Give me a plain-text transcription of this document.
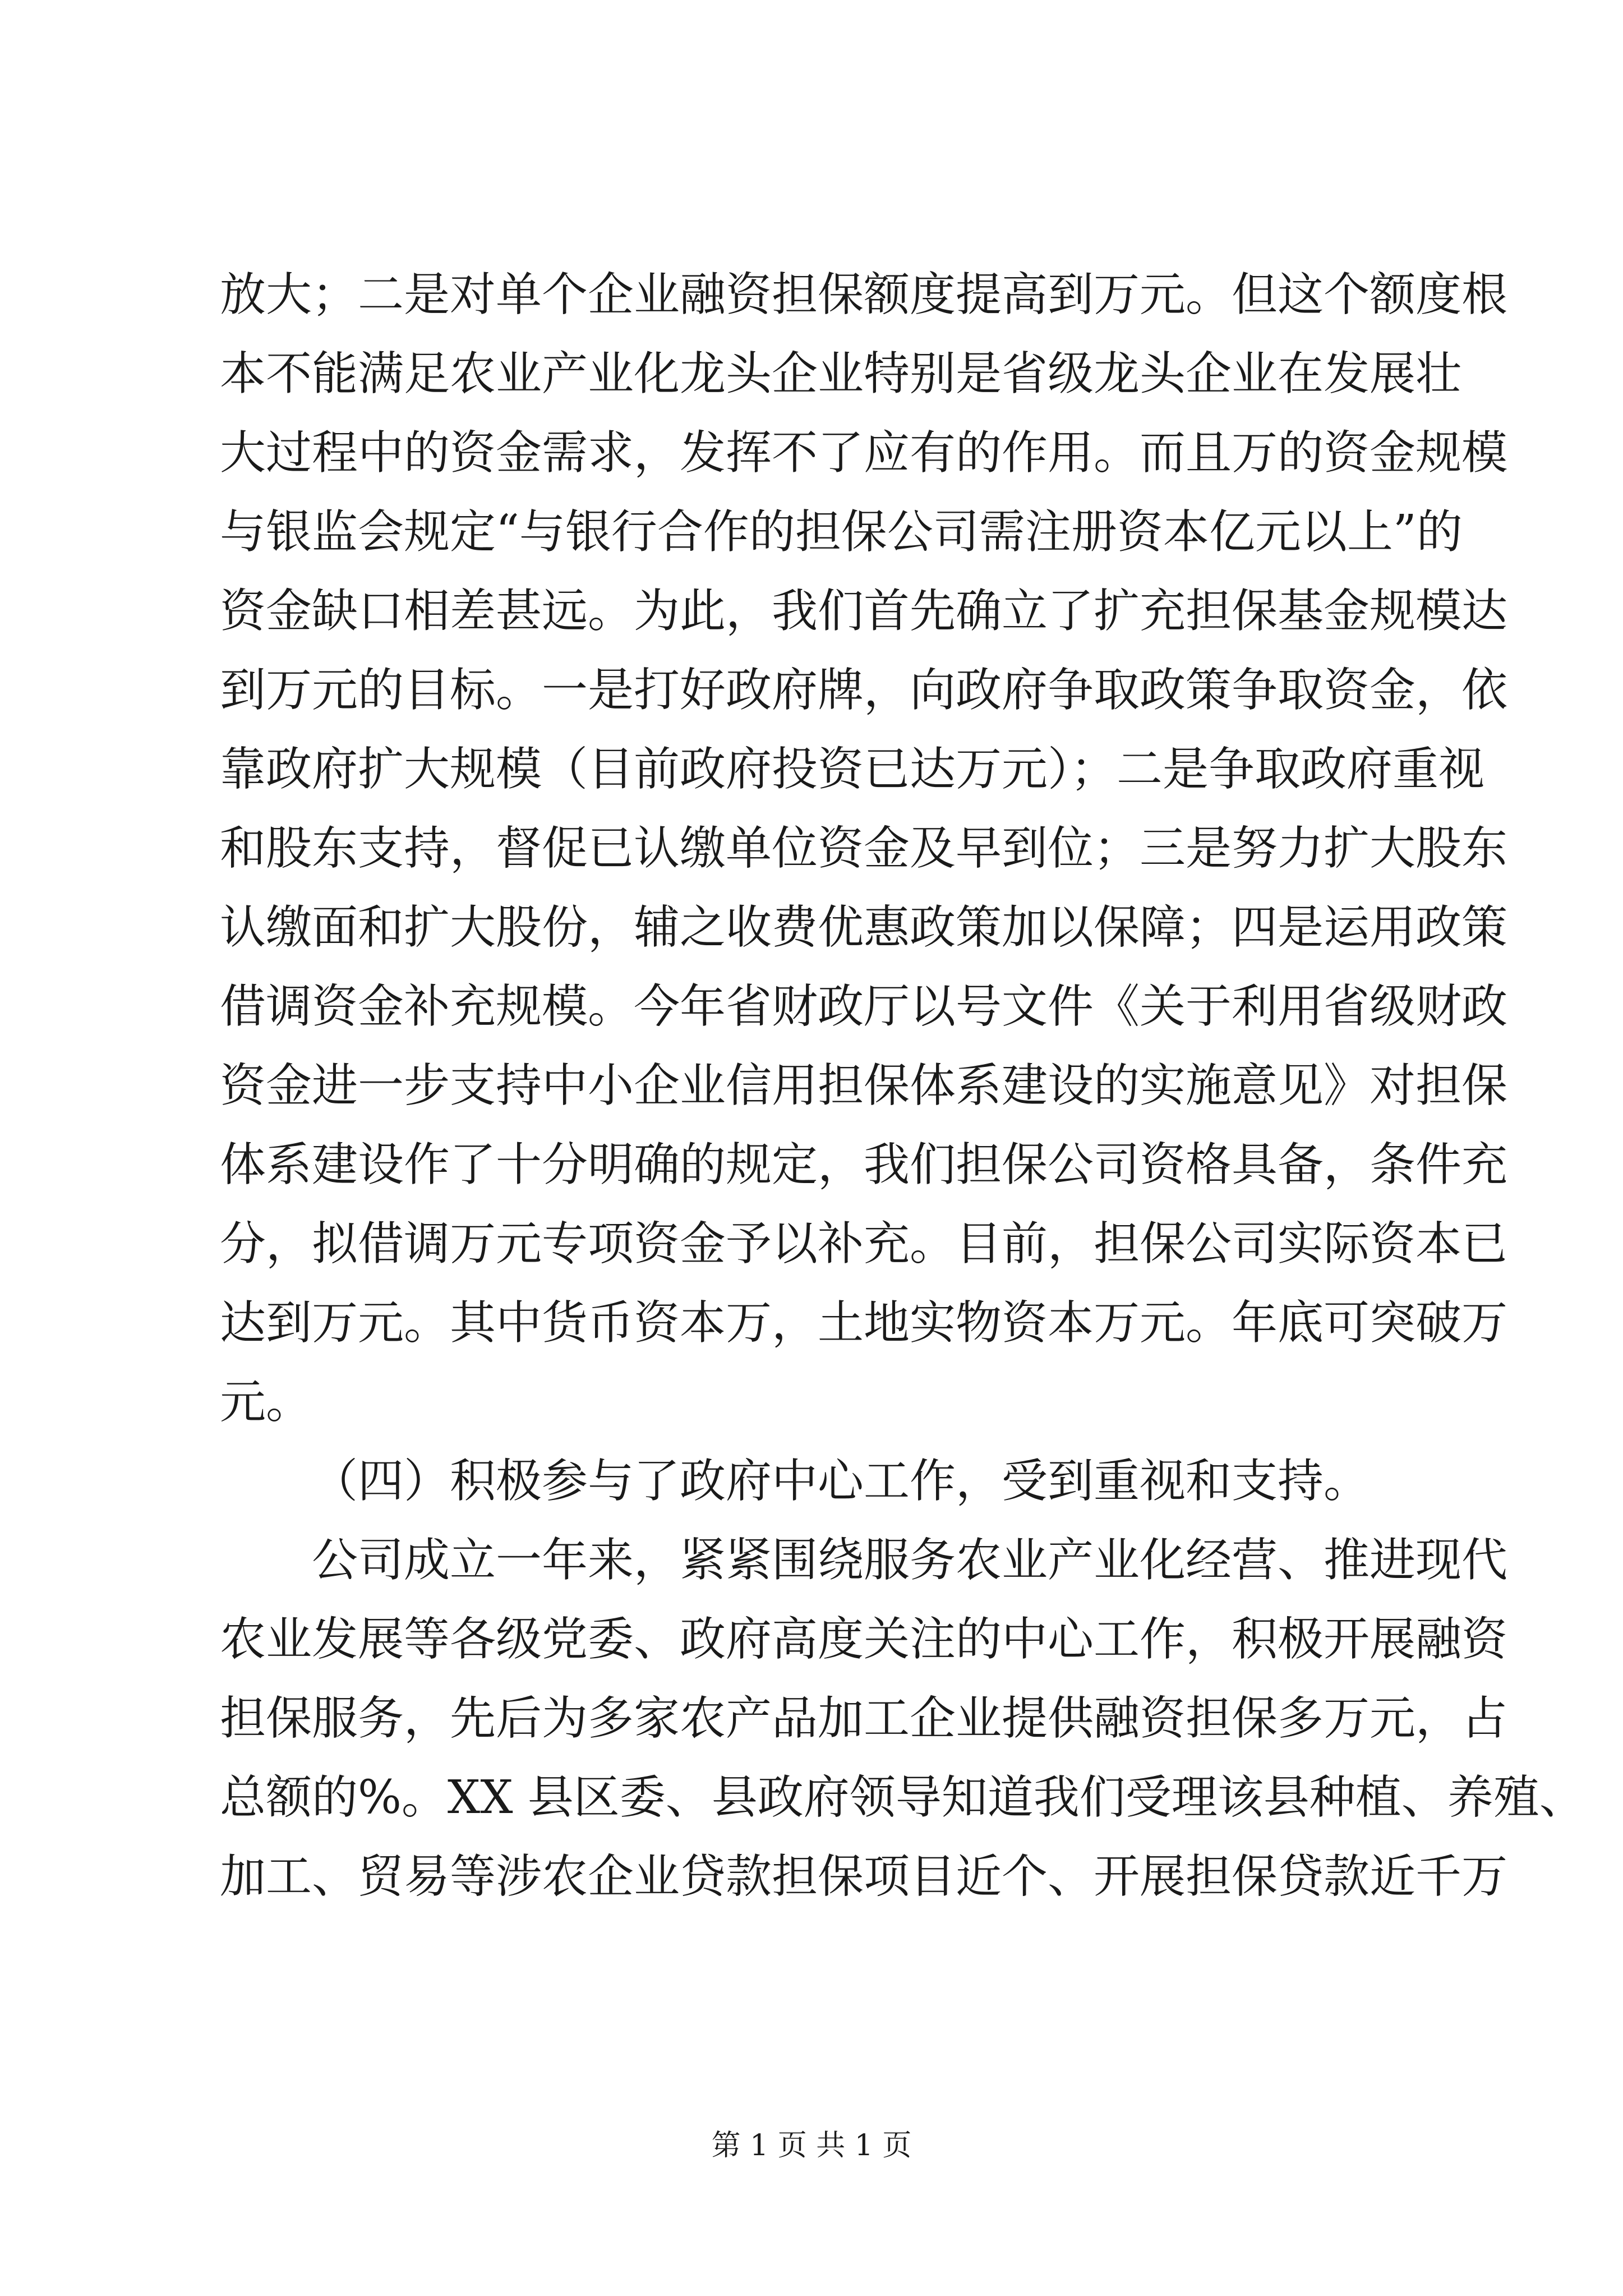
放大；二是对单个企业融资担保额度提高到万元。但这个额度根
本不能满足农业产业化龙头企业特别是省级龙头企业在发展壮
大过程中的资金需求，发挥不了应有的作用。而且万的资金规模
与银监会规定“与银行合作的担保公司需注册资本亿元以上”的
资金缺口相差甚远。为此，我们首先确立了扩充担保基金规模达
到万元的目标。一是打好政府牌，向政府争取政策争取资金，依
靠政府扩大规模（目前政府投资已达万元）；二是争取政府重视
和股东支持，督促已认缴单位资金及早到位；三是努力扩大股东
认缴面和扩大股份，辅之收费优惠政策加以保障；四是运用政策
借调资金补充规模。今年省财政厅以号文件《关于利用省级财政
资金进一步支持中小企业信用担保体系建设的实施意见》对担保
体系建设作了十分明确的规定，我们担保公司资格具备，条件充
分，拟借调万元专项资金予以补充。目前，担保公司实际资本已
达到万元。其中货币资本万，土地实物资本万元。年底可突破万
元。
（四）积极参与了政府中心工作，受到重视和支持。
公司成立一年来，紧紧围绕服务农业产业化经营、推进现代
农业发展等各级党委、政府高度关注的中心工作，积极开展融资
担保服务，先后为多家农产品加工企业提供融资担保多万元，占
总额的%。XX 县区委、县政府领导知道我们受理该县种植、养殖、
加工、贸易等涉农企业贷款担保项目近个、开展担保贷款近千万
第 1 页 共 1 页
